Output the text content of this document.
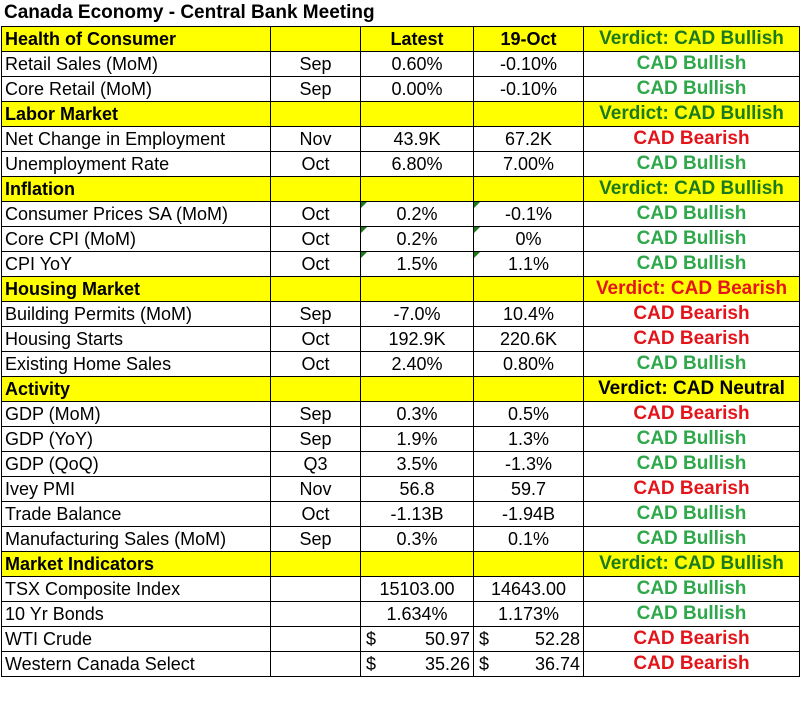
Canada Economy - Central Bank Meeting
Health of Consumer		Latest	19-Oct	Verdict: CAD Bullish
Retail Sales (MoM)	Sep	0.60%	-0.10%	CAD Bullish
Core Retail (MoM)	Sep	0.00%	-0.10%	CAD Bullish
Labor Market				Verdict: CAD Bullish
Net Change in Employment	Nov	43.9K	67.2K	CAD Bearish
Unemployment Rate	Oct	6.80%	7.00%	CAD Bullish
Inflation				Verdict: CAD Bullish
Consumer Prices SA (MoM)	Oct	0.2%	-0.1%	CAD Bullish
Core CPI (MoM)	Oct	0.2%	0%	CAD Bullish
CPI YoY	Oct	1.5%	1.1%	CAD Bullish
Housing Market				Verdict: CAD Bearish
Building Permits (MoM)	Sep	-7.0%	10.4%	CAD Bearish
Housing Starts	Oct	192.9K	220.6K	CAD Bearish
Existing Home Sales	Oct	2.40%	0.80%	CAD Bullish
Activity				Verdict: CAD Neutral
GDP (MoM)	Sep	0.3%	0.5%	CAD Bearish
GDP (YoY)	Sep	1.9%	1.3%	CAD Bullish
GDP (QoQ)	Q3	3.5%	-1.3%	CAD Bullish
Ivey PMI	Nov	56.8	59.7	CAD Bearish
Trade Balance	Oct	-1.13B	-1.94B	CAD Bullish
Manufacturing Sales (MoM)	Sep	0.3%	0.1%	CAD Bullish
Market Indicators				Verdict: CAD Bullish
TSX Composite Index		15103.00	14643.00	CAD Bullish
10 Yr Bonds		1.634%	1.173%	CAD Bullish
WTI Crude		$ 50.97	$ 52.28	CAD Bearish
Western Canada Select		$ 35.26	$ 36.74	CAD Bearish
